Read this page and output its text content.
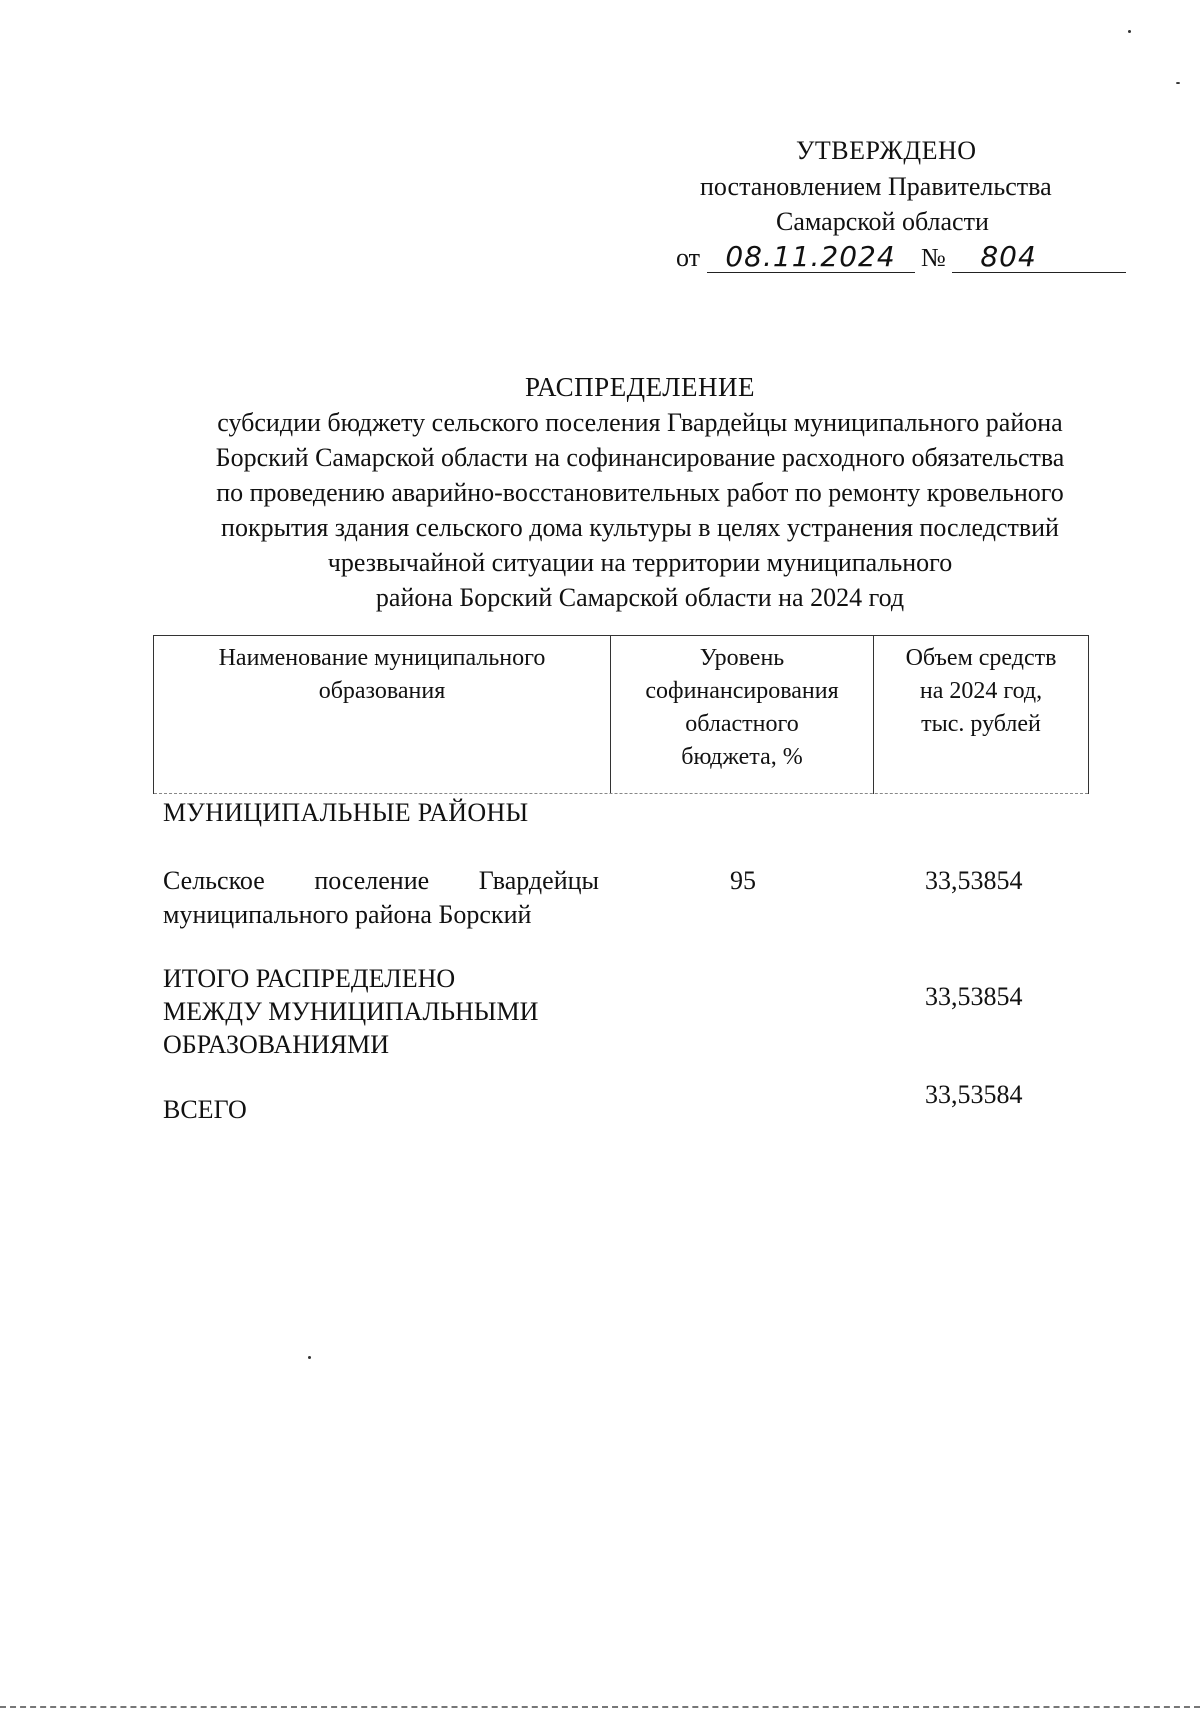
УТВЕРЖДЕНО
постановлением Правительства
Самарской области
от 08.11.2024 № 804
РАСПРЕДЕЛЕНИЕ
субсидии бюджету сельского поселения Гвардейцы муниципального района
Борский Самарской области на софинансирование расходного обязательства
по проведению аварийно-восстановительных работ по ремонту кровельного
покрытия здания сельского дома культуры в целях устранения последствий
чрезвычайной ситуации на территории муниципального
района Борский Самарской области на 2024 год
Наименование муниципального
образования
Уровень
софинансирования
областного
бюджета, %
Объем средств
на 2024 год,
тыс. рублей
МУНИЦИПАЛЬНЫЕ РАЙОНЫ
Сельское поселение Гвардейцы
муниципального района Борский
95	33,53854
ИТОГО РАСПРЕДЕЛЕНО
МЕЖДУ МУНИЦИПАЛЬНЫМИ
ОБРАЗОВАНИЯМИ
33,53854
ВСЕГО
33,53584
